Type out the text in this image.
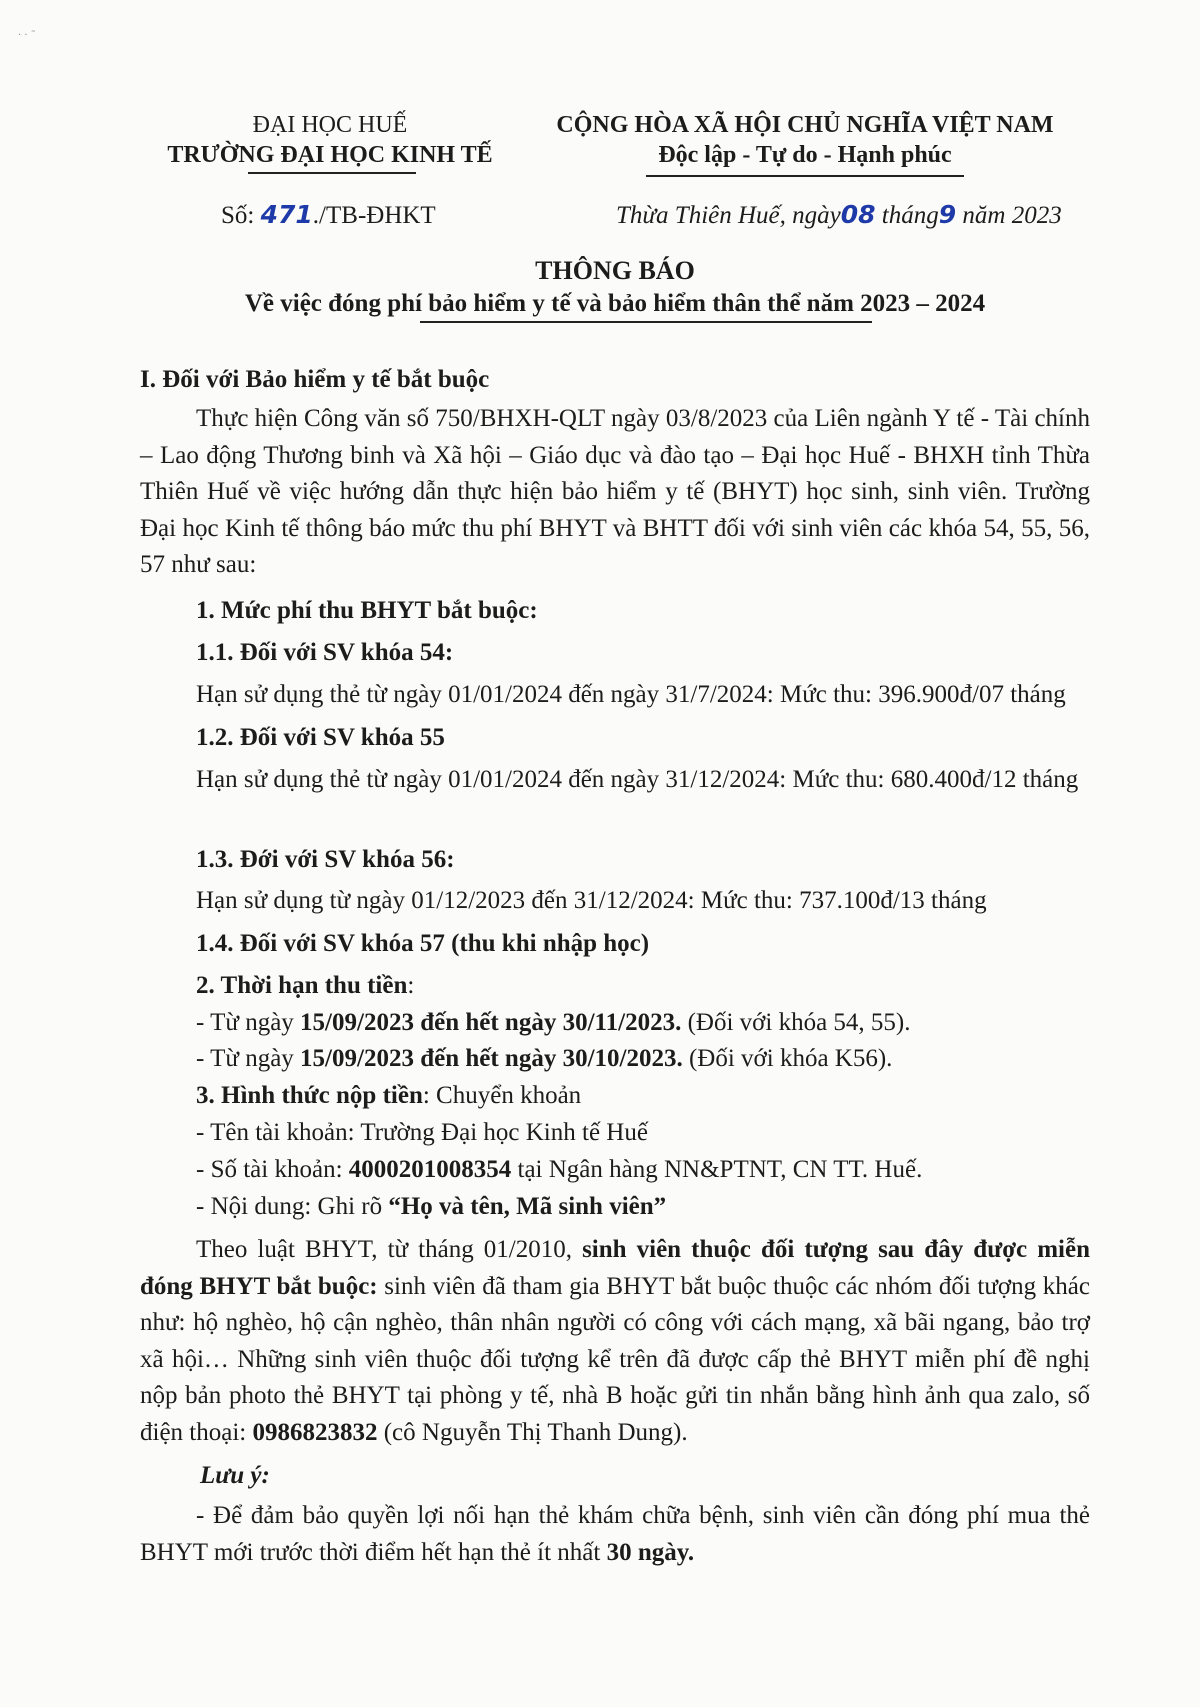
· · ˜
ĐẠI HỌC HUẾ
TRƯỜNG ĐẠI HỌC KINH TẾ
CỘNG HÒA XÃ HỘI CHỦ NGHĨA VIỆT NAM
Độc lập - Tự do - Hạnh phúc
Số: 471./TB-ĐHKT	Thừa Thiên Huế, ngày08 tháng9 năm 2023
THÔNG BÁO
Về việc đóng phí bảo hiểm y tế và bảo hiểm thân thể năm 2023 – 2024
I. Đối với Bảo hiểm y tế bắt buộc
Thực hiện Công văn số 750/BHXH-QLT ngày 03/8/2023 của Liên ngành Y tế - Tài chính – Lao động Thương binh và Xã hội – Giáo dục và đào tạo – Đại học Huế - BHXH tỉnh Thừa Thiên Huế về việc hướng dẫn thực hiện bảo hiểm y tế (BHYT) học sinh, sinh viên. Trường Đại học Kinh tế thông báo mức thu phí BHYT và BHTT đối với sinh viên các khóa 54, 55, 56, 57 như sau:
1. Mức phí thu BHYT bắt buộc:
1.1. Đối với SV khóa 54:
Hạn sử dụng thẻ từ ngày 01/01/2024 đến ngày 31/7/2024: Mức thu: 396.900đ/07 tháng
1.2. Đối với SV khóa 55
Hạn sử dụng thẻ từ ngày 01/01/2024 đến ngày 31/12/2024: Mức thu: 680.400đ/12 tháng
1.3. Đới với SV khóa 56:
Hạn sử dụng từ ngày 01/12/2023 đến 31/12/2024: Mức thu: 737.100đ/13 tháng
1.4. Đối với SV khóa 57 (thu khi nhập học)
2. Thời hạn thu tiền:
- Từ ngày 15/09/2023 đến hết ngày 30/11/2023. (Đối với khóa 54, 55).
- Từ ngày 15/09/2023 đến hết ngày 30/10/2023. (Đối với khóa K56).
3. Hình thức nộp tiền: Chuyển khoản
- Tên tài khoản: Trường Đại học Kinh tế Huế
- Số tài khoản: 4000201008354 tại Ngân hàng NN&PTNT, CN TT. Huế.
- Nội dung: Ghi rõ “Họ và tên, Mã sinh viên”
Theo luật BHYT, từ tháng 01/2010, sinh viên thuộc đối tượng sau đây được miễn đóng BHYT bắt buộc: sinh viên đã tham gia BHYT bắt buộc thuộc các nhóm đối tượng khác như: hộ nghèo, hộ cận nghèo, thân nhân người có công với cách mạng, xã bãi ngang, bảo trợ xã hội… Những sinh viên thuộc đối tượng kể trên đã được cấp thẻ BHYT miễn phí đề nghị nộp bản photo thẻ BHYT tại phòng y tế, nhà B hoặc gửi tin nhắn bằng hình ảnh qua zalo, số điện thoại: 0986823832 (cô Nguyễn Thị Thanh Dung).
Lưu ý:
- Để đảm bảo quyền lợi nối hạn thẻ khám chữa bệnh, sinh viên cần đóng phí mua thẻ BHYT mới trước thời điểm hết hạn thẻ ít nhất 30 ngày.
